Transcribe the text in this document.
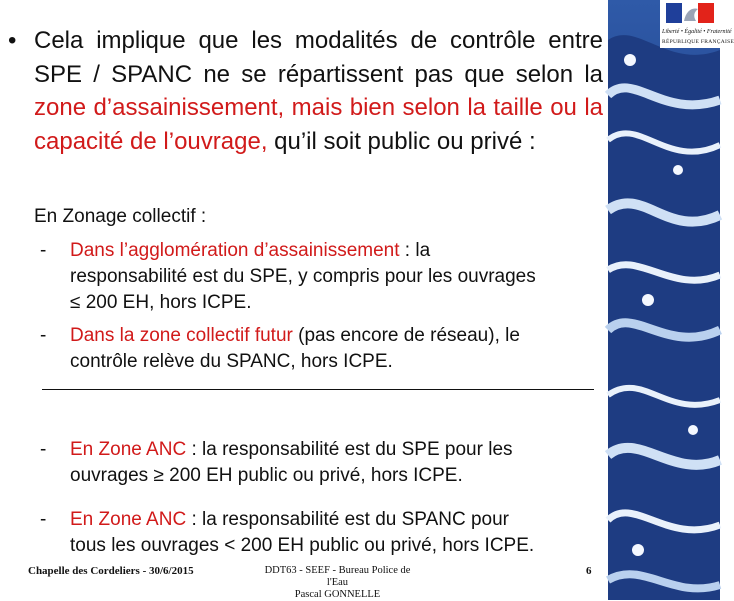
Liberté • Égalité • Fraternité
RÉPUBLIQUE FRANÇAISE
• Cela implique que les modalités de contrôle entre SPE / SPANC ne se répartissent pas que selon la zone d’assainissement, mais bien selon la taille ou la capacité de l’ouvrage, qu’il soit public ou privé :
En Zonage collectif :
- Dans l’agglomération d’assainissement : la
responsabilité est du SPE, y compris pour les ouvrages
≤ 200 EH, hors ICPE.
- Dans la zone collectif futur (pas encore de réseau), le
contrôle relève du SPANC, hors ICPE.
- En Zone ANC : la responsabilité est du SPE pour les
ouvrages ≥ 200 EH public ou privé, hors ICPE.
- En Zone ANC : la responsabilité est du SPANC pour
tous les ouvrages < 200 EH public ou privé, hors ICPE.
Chapelle des Cordeliers - 30/6/2015	DDT63 - SEEF - Bureau Police de l'Eau
Pascal GONNELLE
6
